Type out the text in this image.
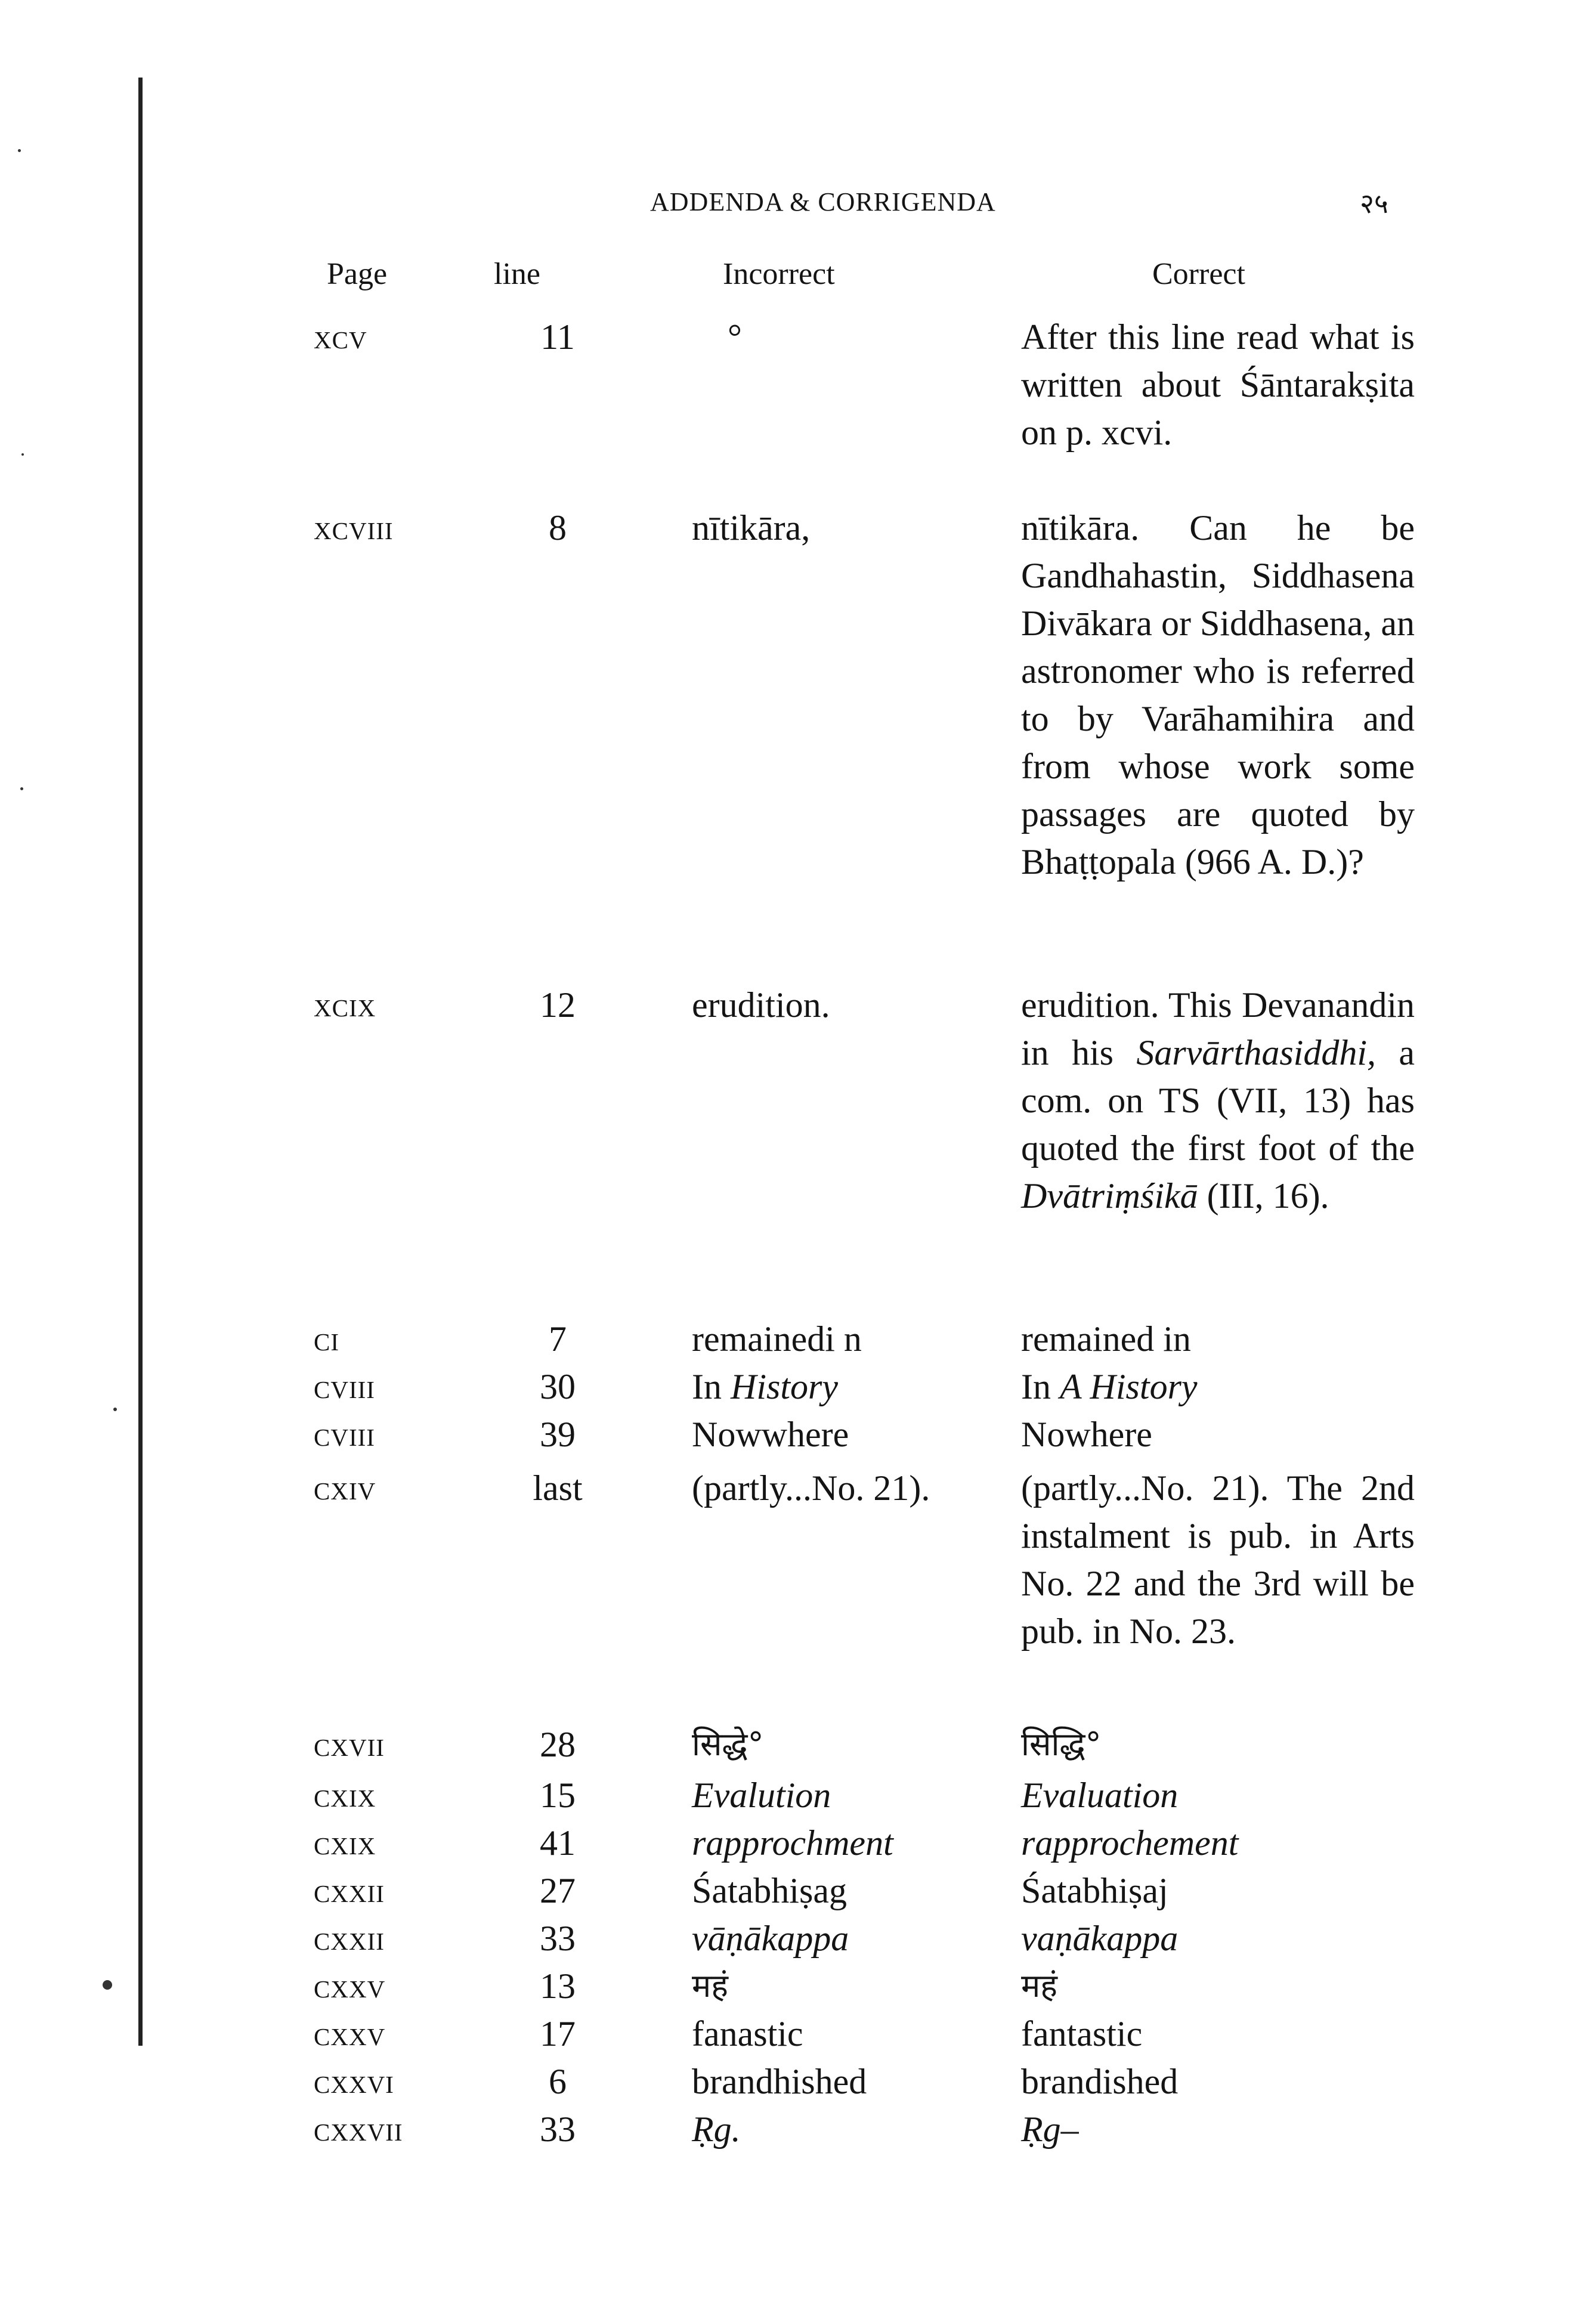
ADDENDA & CORRIGENDA	२५
Page	line	Incorrect	Correct
xcv	11	°	After this line read what is written about Śāntarakṣita on p. xcvi.
xcviii	8	nītikāra,	nītikāra. Can he be Gandhahastin, Siddhasena Divākara or Siddhasena, an astronomer who is referred to by Varāhamihira and from whose work some passages are quoted by Bhaṭṭopala (966 A. D.)?
xcix	12	erudition.	erudition. This Devanandin in his Sarvārthasiddhi, a com. on TS (VII, 13) has quoted the first foot of the Dvātriṃśikā (III, 16).
ci	7	remainedi n	remained in
cviii	30	In History	In A History
cviii	39	Nowwhere	Nowhere
cxiv	last	(partly...No. 21).	(partly...No. 21). The 2nd instalment is pub. in Arts No. 22 and the 3rd will be pub. in No. 23.
cxvii	28	सिद्धे°	सिद्धि°
cxix	15	Evalution	Evaluation
cxix	41	rapprochment	rapprochement
cxxii	27	Śatabhiṣag	Śatabhiṣaj
cxxii	33	vāṇākappa	vaṇākappa
cxxv	13	महं	महं
cxxv	17	fanastic	fantastic
cxxvi	6	brandhished	brandished
cxxvii	33	Ṛg.	Ṛg–
